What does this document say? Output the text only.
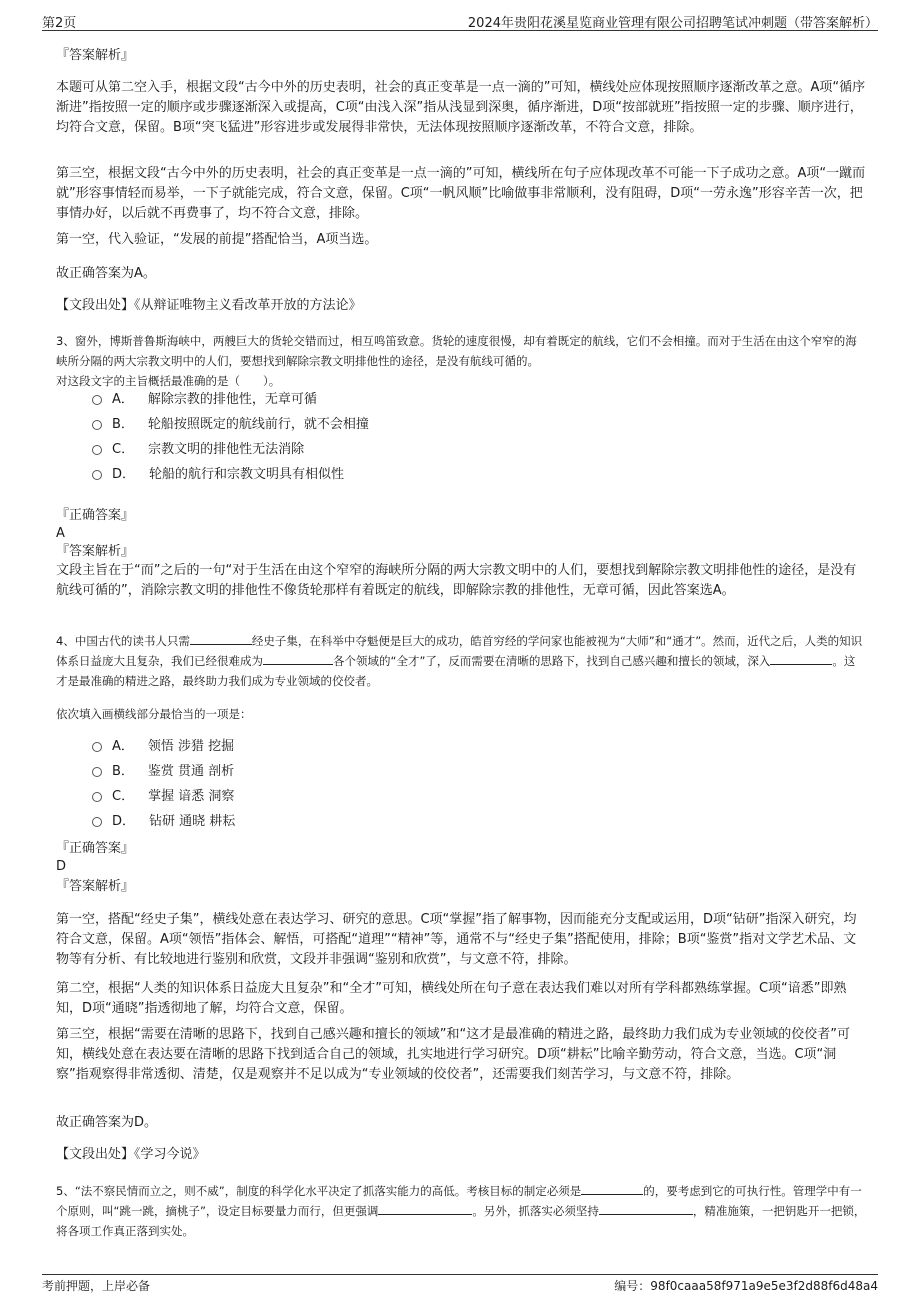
第2页	2024年贵阳花溪星览商业管理有限公司招聘笔试冲刺题（带答案解析）

『答案解析』

本题可从第二空入手，根据文段“古今中外的历史表明，社会的真正变革是一点一滴的”可知，横线处应体现按照顺序逐渐改革之意。A项“循序渐进”指按照一定的顺序或步骤逐渐深入或提高，C项“由浅入深”指从浅显到深奥，循序渐进，D项“按部就班”指按照一定的步骤、顺序进行，均符合文意，保留。B项“突飞猛进”形容进步或发展得非常快，无法体现按照顺序逐渐改革，不符合文意，排除。

第三空，根据文段“古今中外的历史表明，社会的真正变革是一点一滴的”可知，横线所在句子应体现改革不可能一下子成功之意。A项“一蹴而就”形容事情轻而易举，一下子就能完成，符合文意，保留。C项“一帆风顺”比喻做事非常顺利，没有阻碍，D项“一劳永逸”形容辛苦一次，把事情办好，以后就不再费事了，均不符合文意，排除。

第一空，代入验证，“发展的前提”搭配恰当，A项当选。

故正确答案为A。

【文段出处】《从辩证唯物主义看改革开放的方法论》

3、窗外，博斯普鲁斯海峡中，两艘巨大的货轮交错而过，相互鸣笛致意。货轮的速度很慢，却有着既定的航线，它们不会相撞。而对于生活在由这个窄窄的海峡所分隔的两大宗教文明中的人们，要想找到解除宗教文明排他性的途径，是没有航线可循的。

对这段文字的主旨概括最准确的是（　　）。

A． 解除宗教的排他性，无章可循
B． 轮船按照既定的航线前行，就不会相撞
C． 宗教文明的排他性无法消除
D． 轮船的航行和宗教文明具有相似性

『正确答案』

A

『答案解析』

文段主旨在于“而”之后的一句“对于生活在由这个窄窄的海峡所分隔的两大宗教文明中的人们，要想找到解除宗教文明排他性的途径，是没有航线可循的”，消除宗教文明的排他性不像货轮那样有着既定的航线，即解除宗教的排他性，无章可循，因此答案选A。

4、中国古代的读书人只需	经史子集，在科举中夺魁便是巨大的成功，皓首穷经的学问家也能被视为“大师”和“通才”。然而，近代之后，人类的知识体系日益庞大且复杂，我们已经很难成为	各个领域的“全才”了，反而需要在清晰的思路下，找到自己感兴趣和擅长的领域，深入	。这才是最准确的精进之路，最终助力我们成为专业领域的佼佼者。

依次填入画横线部分最恰当的一项是：

A． 领悟 涉猎 挖掘
B． 鉴赏 贯通 剖析
C． 掌握 谙悉 洞察
D． 钻研 通晓 耕耘

『正确答案』

D

『答案解析』

第一空，搭配“经史子集”，横线处意在表达学习、研究的意思。C项“掌握”指了解事物，因而能充分支配或运用，D项“钻研”指深入研究，均符合文意，保留。A项“领悟”指体会、解悟，可搭配“道理”“精神”等，通常不与“经史子集”搭配使用，排除；B项“鉴赏”指对文学艺术品、文物等有分析、有比较地进行鉴别和欣赏，文段并非强调“鉴别和欣赏”，与文意不符，排除。

第二空，根据“人类的知识体系日益庞大且复杂”和“全才”可知，横线处所在句子意在表达我们难以对所有学科都熟练掌握。C项“谙悉”即熟知，D项“通晓”指透彻地了解，均符合文意，保留。

第三空，根据“需要在清晰的思路下，找到自己感兴趣和擅长的领域”和“这才是最准确的精进之路，最终助力我们成为专业领域的佼佼者”可知，横线处意在表达要在清晰的思路下找到适合自己的领域，扎实地进行学习研究。D项“耕耘”比喻辛勤劳动，符合文意，当选。C项“洞察”指观察得非常透彻、清楚，仅是观察并不足以成为“专业领域的佼佼者”，还需要我们刻苦学习，与文意不符，排除。

故正确答案为D。

【文段出处】《学习今说》

5、“法不察民情而立之，则不威”，制度的科学化水平决定了抓落实能力的高低。考核目标的制定必须是	的，要考虑到它的可执行性。管理学中有一个原则，叫“跳一跳，摘桃子”，设定目标要量力而行，但更强调	。另外，抓落实必须坚持	，精准施策，一把钥匙开一把锁，将各项工作真正落到实处。

考前押题，上岸必备	编号：98f0caaa58f971a9e5e3f2d88f6d48a4
